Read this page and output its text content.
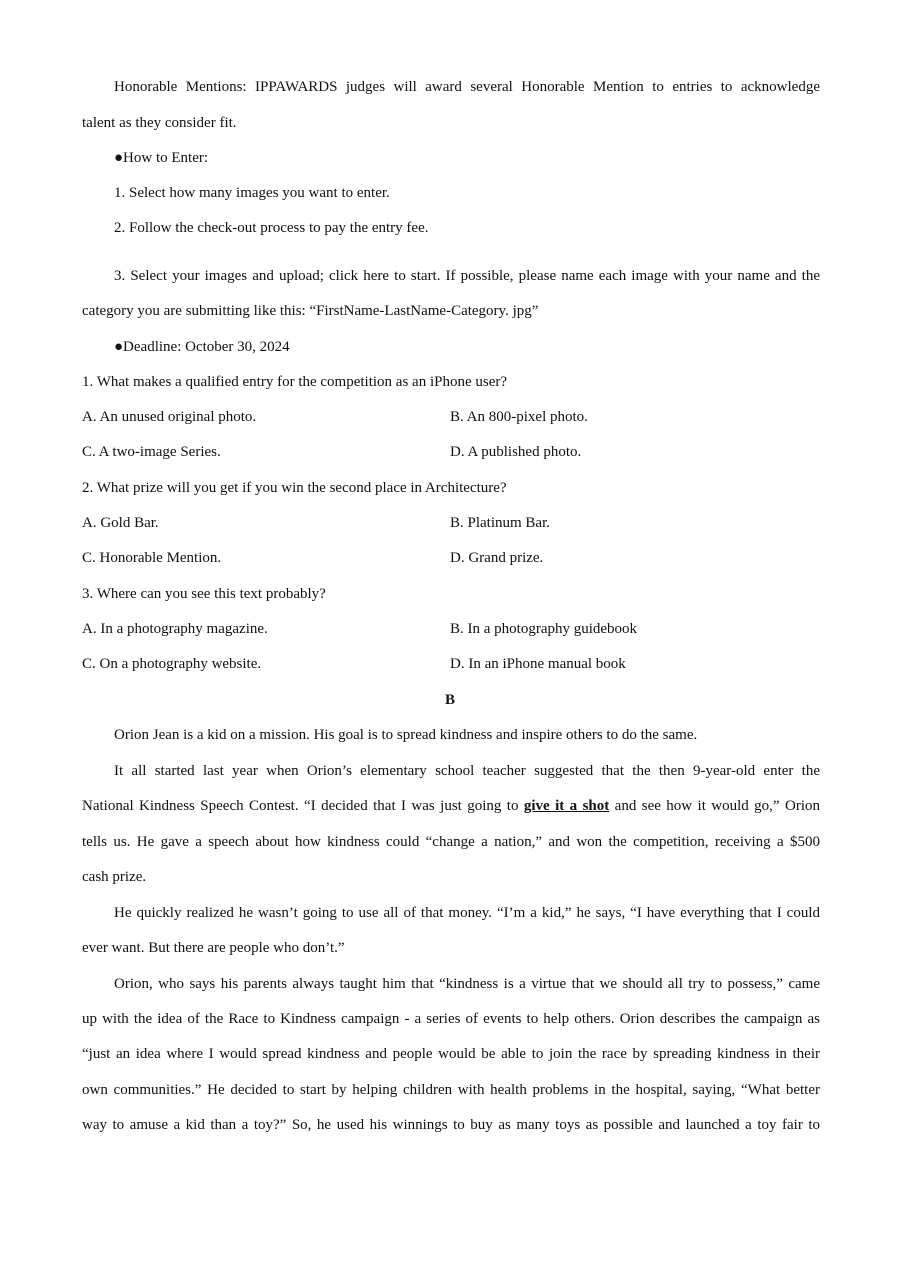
Honorable Mentions: IPPAWARDS judges will award several Honorable Mention to entries to acknowledge
talent as they consider fit.
●How to Enter:
1. Select how many images you want to enter.
2. Follow the check-out process to pay the entry fee.
3. Select your images and upload; click here to start. If possible, please name each image with your name and the
category you are submitting like this: “FirstName-LastName-Category. jpg”
●Deadline: October 30, 2024
1. What makes a qualified entry for the competition as an iPhone user?
A. An unused original photo.	B. An 800-pixel photo.
C. A two-image Series.	D. A published photo.
2. What prize will you get if you win the second place in Architecture?
A. Gold Bar.	B. Platinum Bar.
C. Honorable Mention.	D. Grand prize.
3. Where can you see this text probably?
A. In a photography magazine.	B. In a photography guidebook
C. On a photography website.	D. In an iPhone manual book
B
Orion Jean is a kid on a mission. His goal is to spread kindness and inspire others to do the same.
It all started last year when Orion’s elementary school teacher suggested that the then 9-year-old enter the
National Kindness Speech Contest. “I decided that I was just going to give it a shot and see how it would go,” Orion
tells us. He gave a speech about how kindness could “change a nation,” and won the competition, receiving a $500
cash prize.
He quickly realized he wasn’t going to use all of that money. “I’m a kid,” he says, “I have everything that I could
ever want. But there are people who don’t.”
Orion, who says his parents always taught him that “kindness is a virtue that we should all try to possess,” came
up with the idea of the Race to Kindness campaign - a series of events to help others. Orion describes the campaign as
“just an idea where I would spread kindness and people would be able to join the race by spreading kindness in their
own communities.” He decided to start by helping children with health problems in the hospital, saying, “What better
way to amuse a kid than a toy?” So, he used his winnings to buy as many toys as possible and launched a toy fair to
